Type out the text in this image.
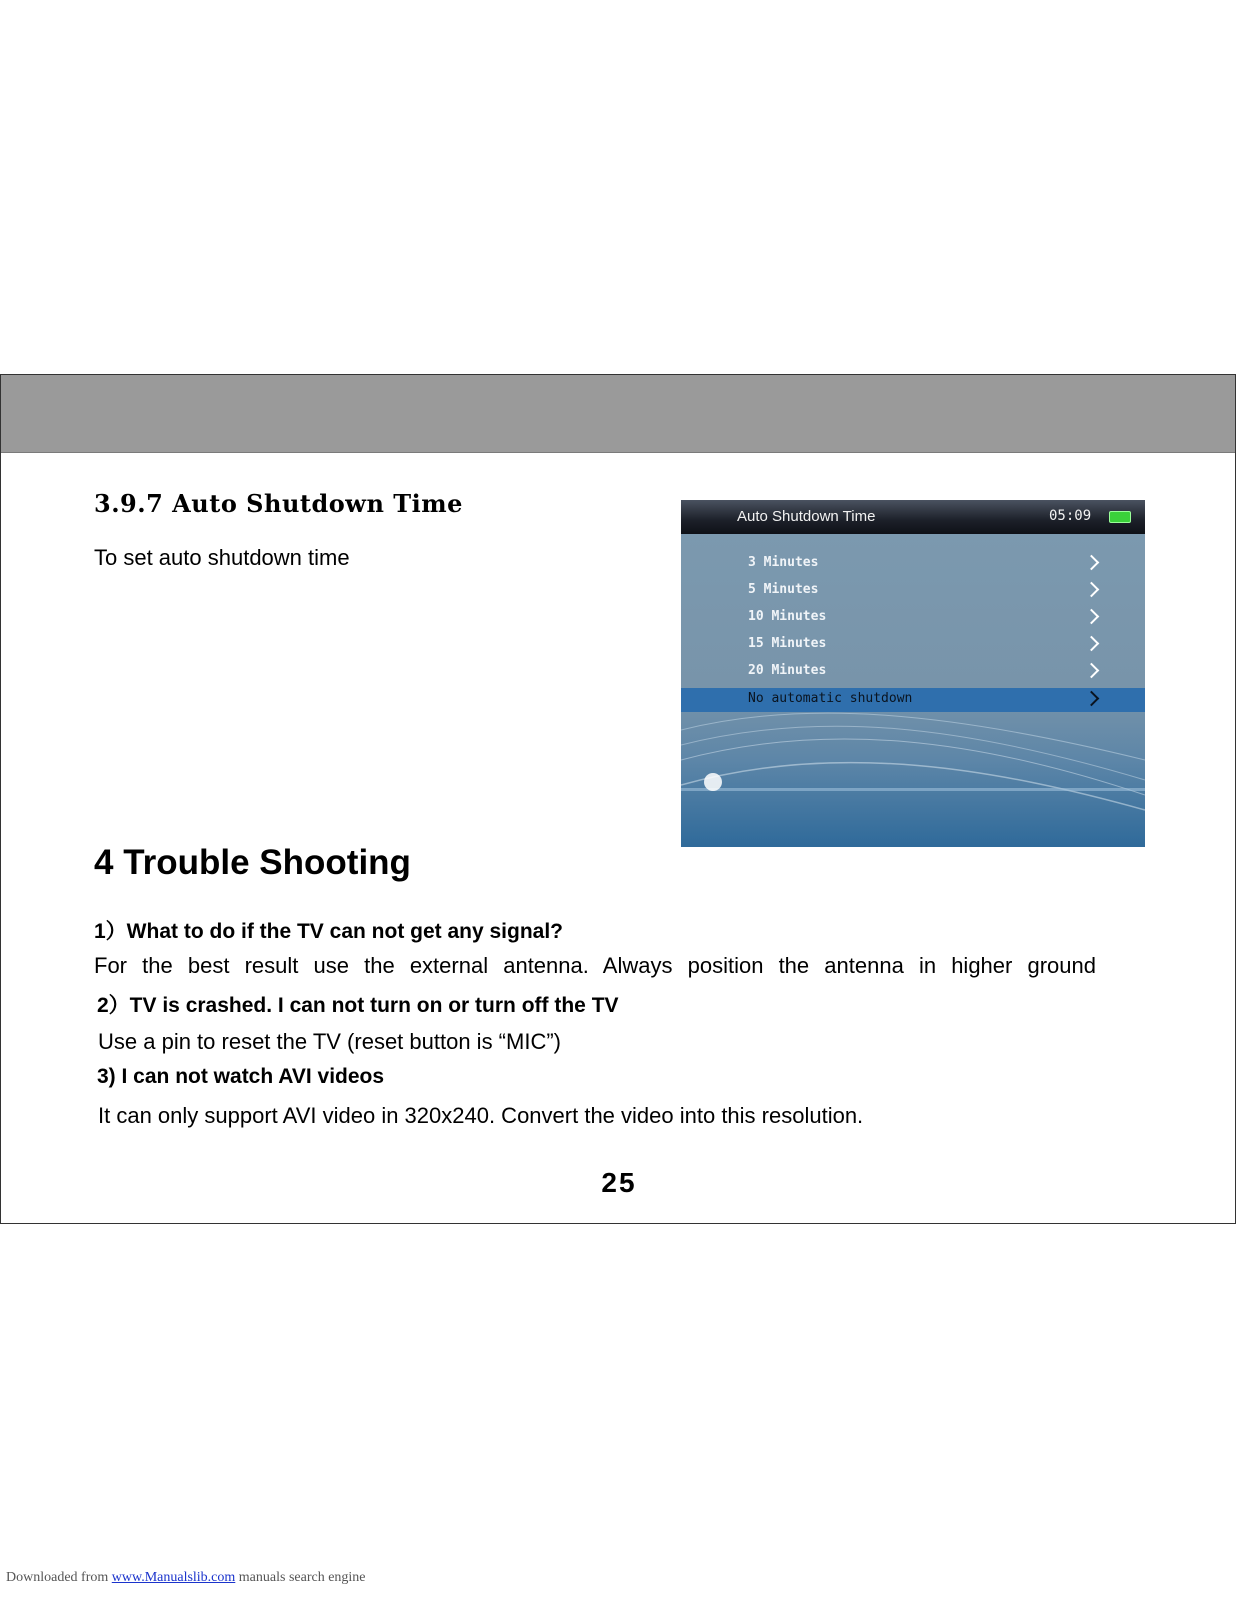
3.9.7 Auto Shutdown Time
To set auto shutdown time
Auto Shutdown Time	05:09
3 Minutes
5 Minutes
10 Minutes
15 Minutes
20 Minutes
No automatic shutdown
4 Trouble Shooting
1）What to do if the TV can not get any signal?
For the best result use the external antenna. Always position the antenna in higher ground
2）TV is crashed. I can not turn on or turn off the TV
Use a pin to reset the TV (reset button is “MIC”)
3) I can not watch AVI videos
It can only support AVI video in 320x240. Convert the video into this resolution.
25
Downloaded from www.Manualslib.com manuals search engine
